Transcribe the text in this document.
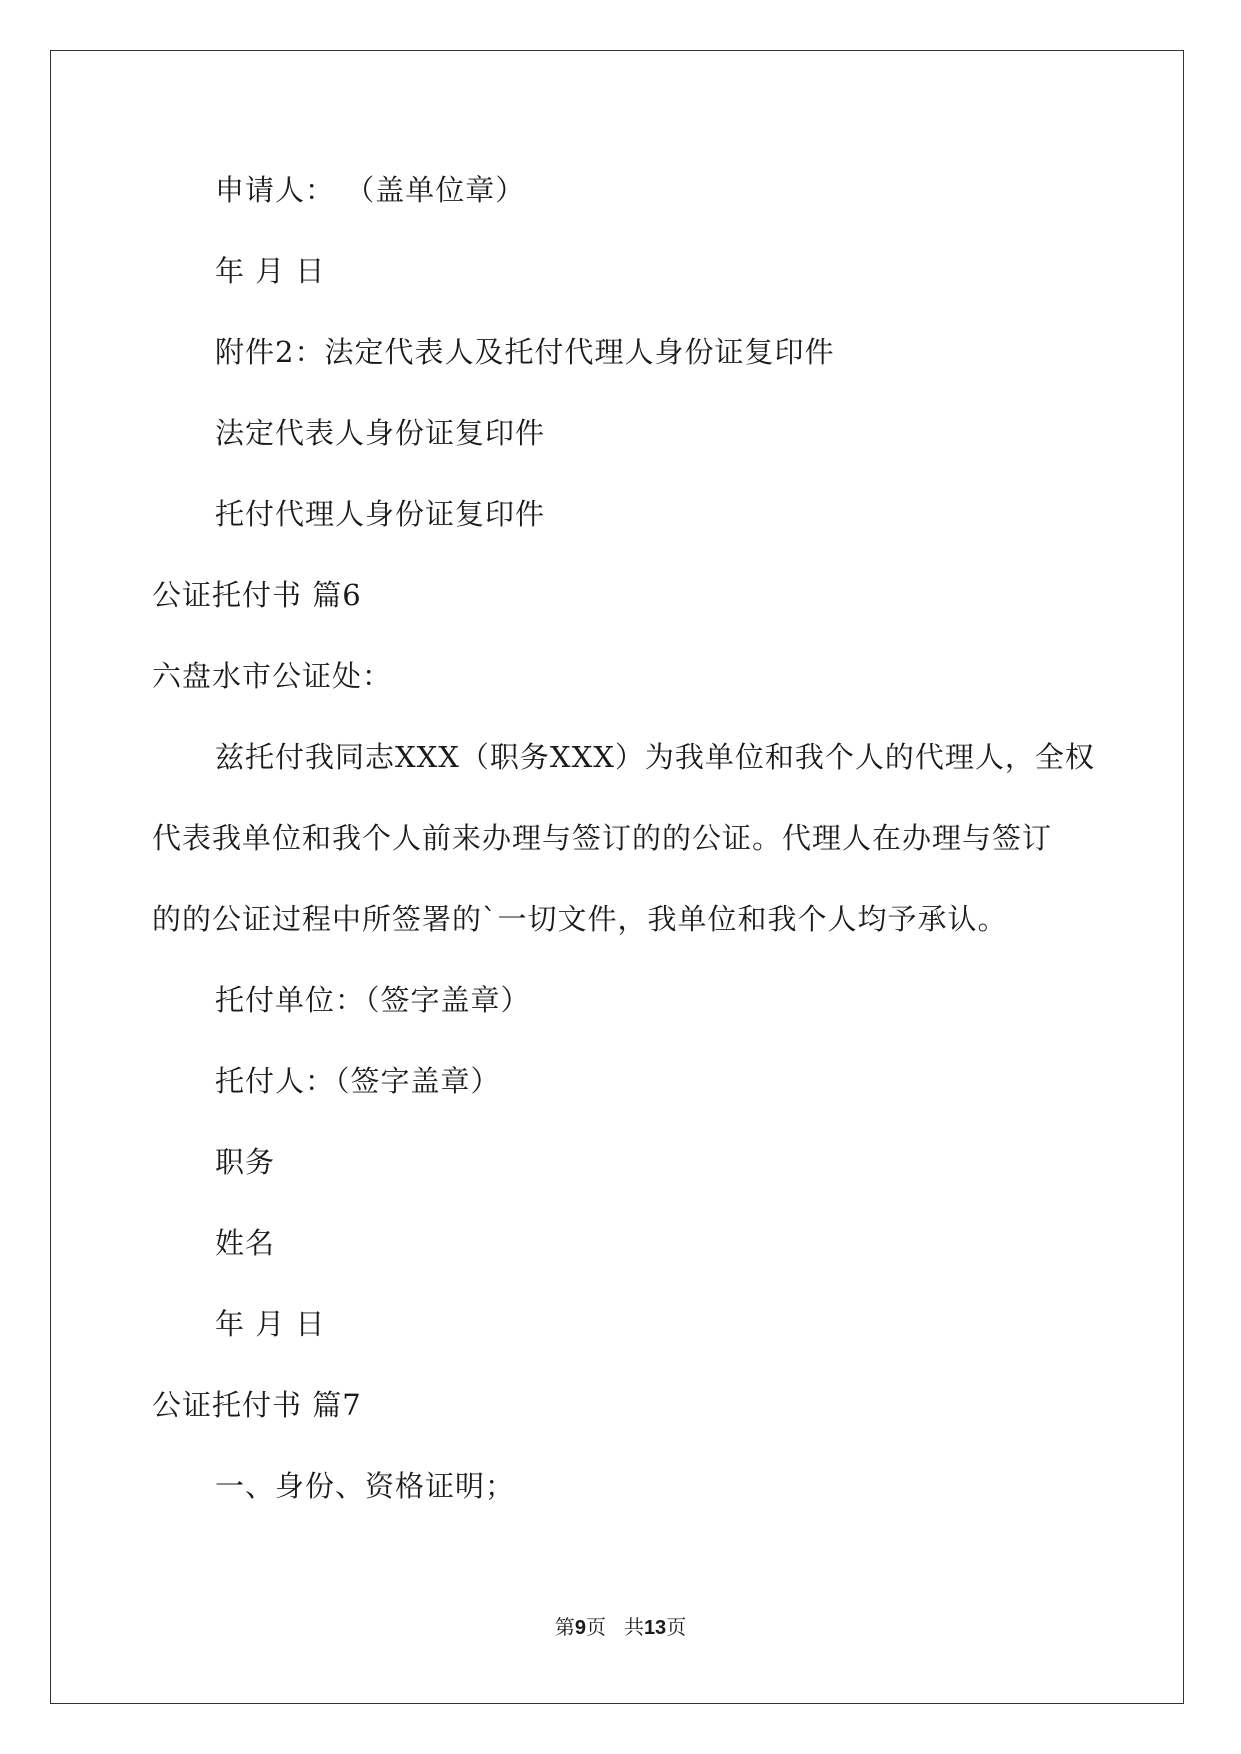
申请人： （盖单位章）
年 月 日
附件2：法定代表人及托付代理人身份证复印件
法定代表人身份证复印件
托付代理人身份证复印件
公证托付书 篇6
六盘水市公证处：
兹托付我同志XXX（职务XXX）为我单位和我个人的代理人，全权
代表我单位和我个人前来办理与签订的的公证。代理人在办理与签订
的的公证过程中所签署的`一切文件，我单位和我个人均予承认。
托付单位：（签字盖章）
托付人：（签字盖章）
职务
姓名
年 月 日
公证托付书 篇7
一、身份、资格证明；
第9页 共13页
